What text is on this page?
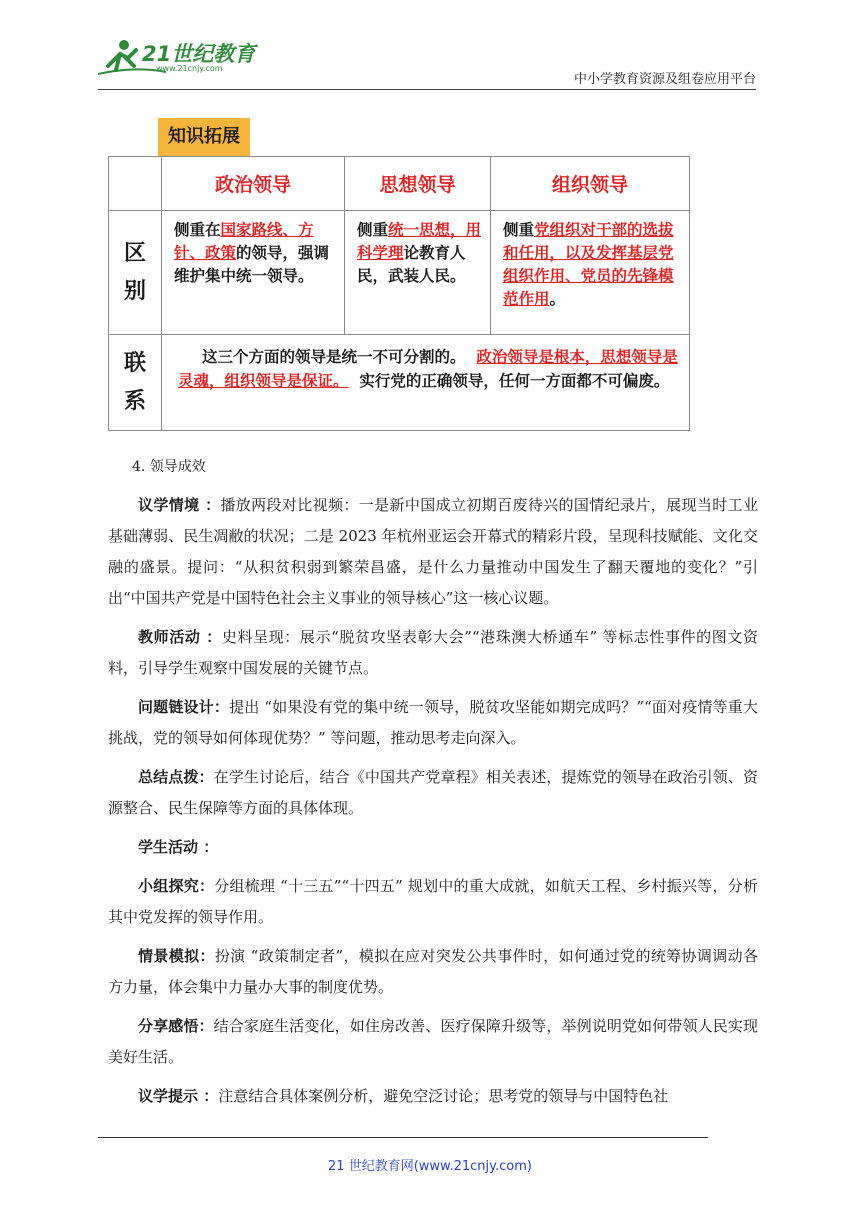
21世纪教育
www.21cnjy.com
中小学教育资源及组卷应用平台
知识拓展
	政治领导	思想领导	组织领导
区
别	侧重在国家路线、方针、政策的领导，强调维护集中统一领导。	侧重统一思想，用科学理论教育人民，武装人民。	侧重党组织对干部的选拔和任用，以及发挥基层党组织作用、党员的先锋模范作用。
联
系	这三个方面的领导是统一不可分割的。 政治领导是根本，思想领导是灵魂，组织领导是保证。 实行党的正确领导，任何一方面都不可偏废。		
4. 领导成效

议学情境 ：播放两段对比视频：一是新中国成立初期百废待兴的国情纪录片，展现当时工业基础薄弱、民生凋敝的状况；二是 2023 年杭州亚运会开幕式的精彩片段，呈现科技赋能、文化交融的盛景。提问：“从积贫积弱到繁荣昌盛，是什么力量推动中国发生了翻天覆地的变化？”引出“中国共产党是中国特色社会主义事业的领导核心”这一核心议题。

教师活动 ：史料呈现：展示“脱贫攻坚表彰大会”“港珠澳大桥通车” 等标志性事件的图文资料，引导学生观察中国发展的关键节点。

问题链设计：提出 “如果没有党的集中统一领导，脱贫攻坚能如期完成吗？”“面对疫情等重大挑战，党的领导如何体现优势？” 等问题，推动思考走向深入。

总结点拨：在学生讨论后，结合《中国共产党章程》相关表述，提炼党的领导在政治引领、资源整合、民生保障等方面的具体体现。

学生活动 ：

小组探究：分组梳理 “十三五”“十四五” 规划中的重大成就，如航天工程、乡村振兴等，分析其中党发挥的领导作用。

情景模拟：扮演 “政策制定者”，模拟在应对突发公共事件时，如何通过党的统筹协调调动各方力量，体会集中力量办大事的制度优势。

分享感悟：结合家庭生活变化，如住房改善、医疗保障升级等，举例说明党如何带领人民实现美好生活。

议学提示 ：注意结合具体案例分析，避免空泛讨论；思考党的领导与中国特色社

21 世纪教育网(www.21cnjy.com)
